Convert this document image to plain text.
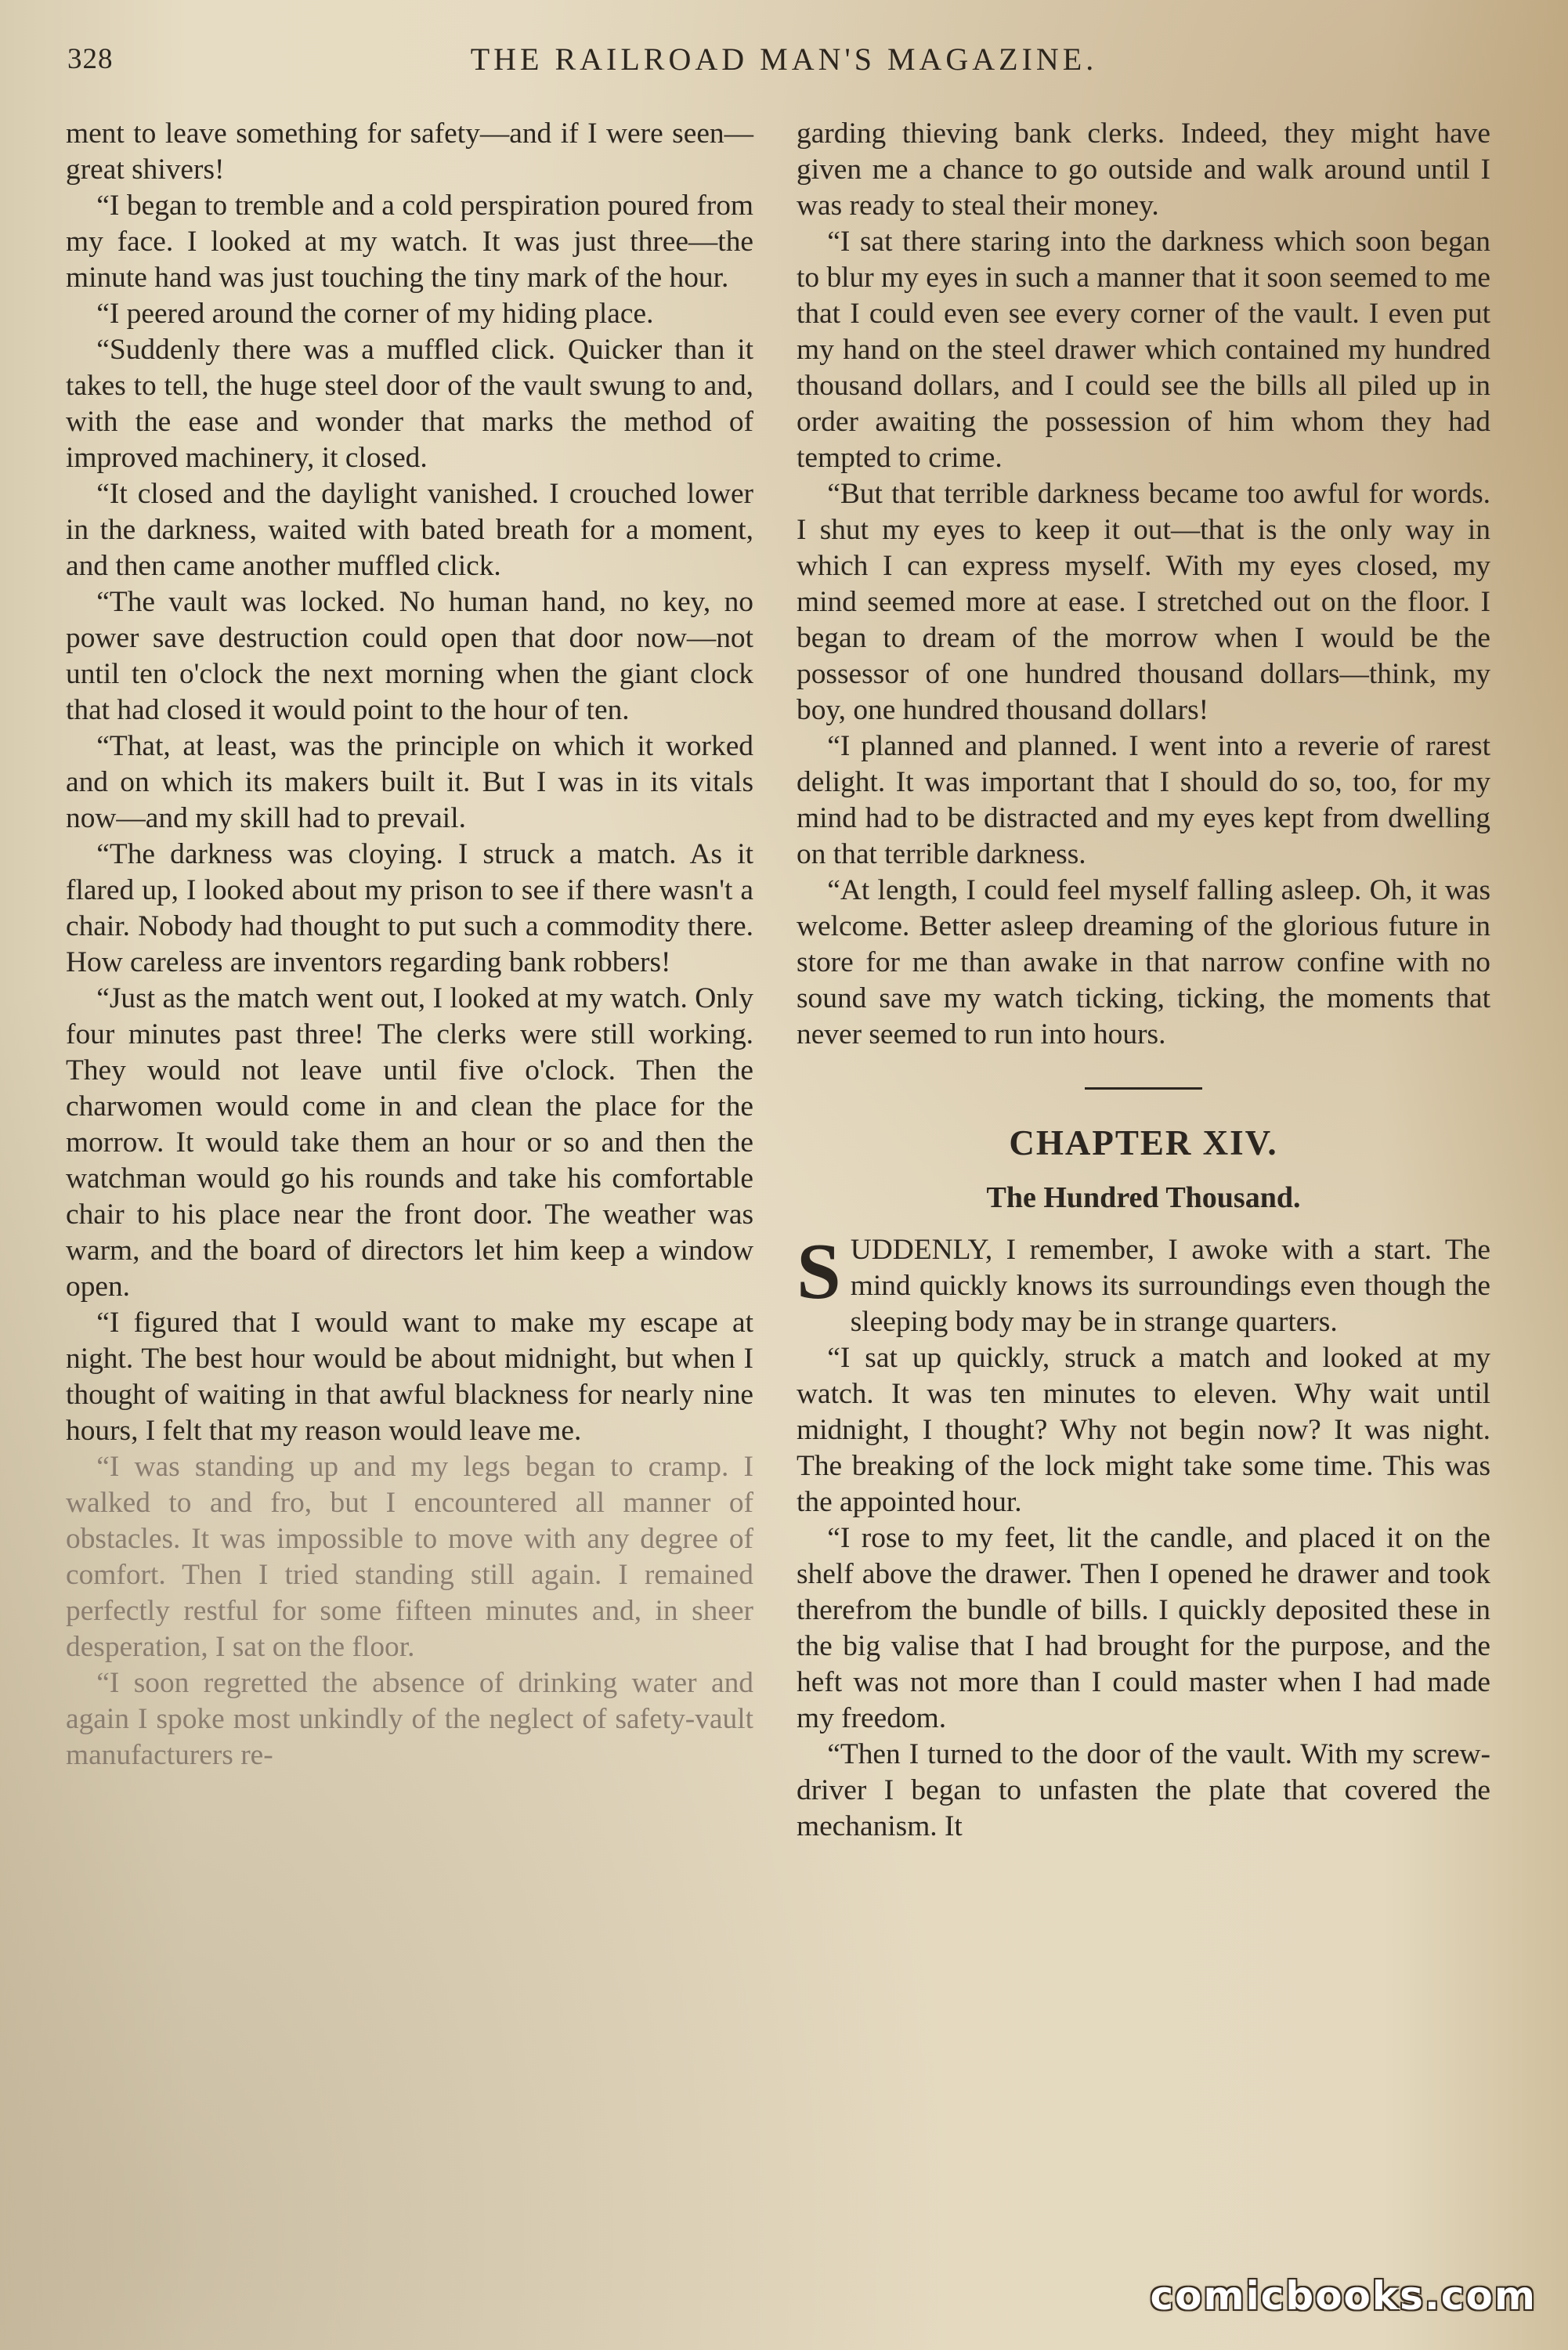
328	THE RAILROAD MAN'S MAGAZINE.

ment to leave something for safety—and if I were seen—great shivers!

“I began to tremble and a cold perspiration poured from my face. I looked at my watch. It was just three—the minute hand was just touching the tiny mark of the hour.

“I peered around the corner of my hiding place.

“Suddenly there was a muffled click. Quicker than it takes to tell, the huge steel door of the vault swung to and, with the ease and wonder that marks the method of improved machinery, it closed.

“It closed and the daylight vanished. I crouched lower in the darkness, waited with bated breath for a moment, and then came another muffled click.

“The vault was locked. No human hand, no key, no power save destruction could open that door now—not until ten o'clock the next morning when the giant clock that had closed it would point to the hour of ten.

“That, at least, was the principle on which it worked and on which its makers built it. But I was in its vitals now—and my skill had to prevail.

“The darkness was cloying. I struck a match. As it flared up, I looked about my prison to see if there wasn't a chair. Nobody had thought to put such a commodity there. How careless are inventors regarding bank robbers!

“Just as the match went out, I looked at my watch. Only four minutes past three! The clerks were still working. They would not leave until five o'clock. Then the charwomen would come in and clean the place for the morrow. It would take them an hour or so and then the watchman would go his rounds and take his comfortable chair to his place near the front door. The weather was warm, and the board of directors let him keep a window open.

“I figured that I would want to make my escape at night. The best hour would be about midnight, but when I thought of waiting in that awful blackness for nearly nine hours, I felt that my reason would leave me.

“I was standing up and my legs began to cramp. I walked to and fro, but I encountered all manner of obstacles. It was impossible to move with any degree of comfort. Then I tried standing still again. I remained perfectly restful for some fifteen minutes and, in sheer desperation, I sat on the floor.

“I soon regretted the absence of drinking water and again I spoke most unkindly of the neglect of safety-vault manufacturers re-

garding thieving bank clerks. Indeed, they might have given me a chance to go outside and walk around until I was ready to steal their money.

“I sat there staring into the darkness which soon began to blur my eyes in such a manner that it soon seemed to me that I could even see every corner of the vault. I even put my hand on the steel drawer which contained my hundred thousand dollars, and I could see the bills all piled up in order awaiting the possession of him whom they had tempted to crime.

“But that terrible darkness became too awful for words. I shut my eyes to keep it out—that is the only way in which I can express myself. With my eyes closed, my mind seemed more at ease. I stretched out on the floor. I began to dream of the morrow when I would be the possessor of one hundred thousand dollars—think, my boy, one hundred thousand dollars!

“I planned and planned. I went into a reverie of rarest delight. It was important that I should do so, too, for my mind had to be distracted and my eyes kept from dwelling on that terrible darkness.

“At length, I could feel myself falling asleep. Oh, it was welcome. Better asleep dreaming of the glorious future in store for me than awake in that narrow confine with no sound save my watch ticking, ticking, the moments that never seemed to run into hours.

CHAPTER XIV.
The Hundred Thousand.

SUDDENLY, I remember, I awoke with a start. The mind quickly knows its surroundings even though the sleeping body may be in strange quarters.

“I sat up quickly, struck a match and looked at my watch. It was ten minutes to eleven. Why wait until midnight, I thought? Why not begin now? It was night. The breaking of the lock might take some time. This was the appointed hour.

“I rose to my feet, lit the candle, and placed it on the shelf above the drawer. Then I opened he drawer and took therefrom the bundle of bills. I quickly deposited these in the big valise that I had brought for the purpose, and the heft was not more than I could master when I had made my freedom.

“Then I turned to the door of the vault. With my screw-driver I began to unfasten the plate that covered the mechanism. It

comicbooks.com
